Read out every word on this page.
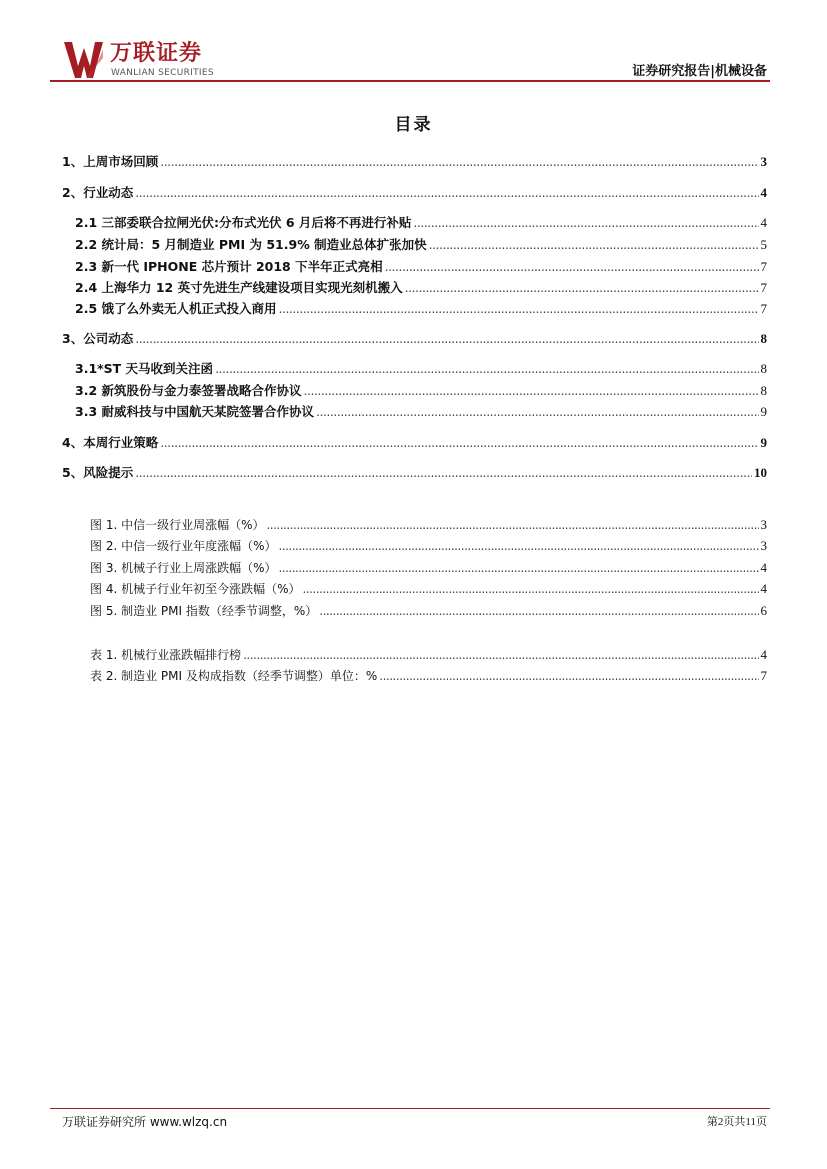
万联证券
WANLIAN SECURITIES	证券研究报告|机械设备
目录
1、上周市场回顾 .....	3
2、行业动态 .....	4
2.1 三部委联合拉闸光伏:分布式光伏 6 月后将不再进行补贴 .....	4
2.2 统计局：5 月制造业 PMI 为 51.9% 制造业总体扩张加快 .....	5
2.3 新一代 IPHONE 芯片预计 2018 下半年正式亮相 .....	7
2.4 上海华力 12 英寸先进生产线建设项目实现光刻机搬入 .....	7
2.5 饿了么外卖无人机正式投入商用 .....	7
3、公司动态 .....	8
3.1*ST 天马收到关注函 .....	8
3.2 新筑股份与金力泰签署战略合作协议 .....	8
3.3 耐威科技与中国航天某院签署合作协议 .....	9
4、本周行业策略 .....	9
5、风险提示 .....	10
图 1. 中信一级行业周涨幅（%） .....	3
图 2. 中信一级行业年度涨幅（%） .....	3
图 3. 机械子行业上周涨跌幅（%） .....	4
图 4. 机械子行业年初至今涨跌幅（%） .....	4
图 5. 制造业 PMI 指数（经季节调整，%） .....	6
表 1. 机械行业涨跌幅排行榜 .....	4
表 2. 制造业 PMI 及构成指数（经季节调整）单位：% .....	7
万联证券研究所 www.wlzq.cn	第2页共11页
